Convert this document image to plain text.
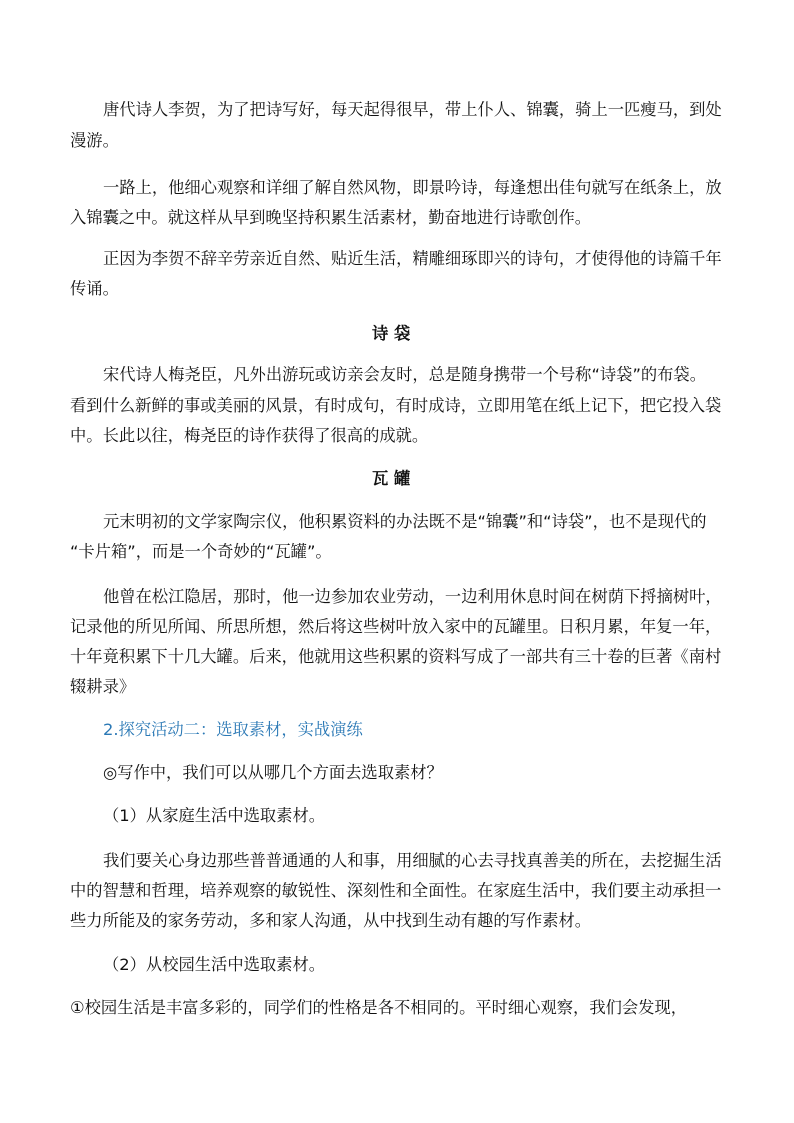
唐代诗人李贺，为了把诗写好，每天起得很早，带上仆人、锦囊，骑上一匹瘦马，到处
漫游。
一路上，他细心观察和详细了解自然风物，即景吟诗，每逢想出佳句就写在纸条上，放
入锦囊之中。就这样从早到晚坚持积累生活素材，勤奋地进行诗歌创作。
正因为李贺不辞辛劳亲近自然、贴近生活，精雕细琢即兴的诗句，才使得他的诗篇千年
传诵。
诗 袋
宋代诗人梅尧臣，凡外出游玩或访亲会友时，总是随身携带一个号称“诗袋”的布袋。
看到什么新鲜的事或美丽的风景，有时成句，有时成诗，立即用笔在纸上记下，把它投入袋
中。长此以往，梅尧臣的诗作获得了很高的成就。
瓦 罐
元末明初的文学家陶宗仪，他积累资料的办法既不是“锦囊”和“诗袋”，也不是现代的
“卡片箱”，而是一个奇妙的“瓦罐”。
他曾在松江隐居，那时，他一边参加农业劳动，一边利用休息时间在树荫下捋摘树叶，
记录他的所见所闻、所思所想，然后将这些树叶放入家中的瓦罐里。日积月累，年复一年，
十年竟积累下十几大罐。后来，他就用这些积累的资料写成了一部共有三十卷的巨著《南村
辍耕录》
2.探究活动二：选取素材，实战演练
◎写作中，我们可以从哪几个方面去选取素材？
（1）从家庭生活中选取素材。
我们要关心身边那些普普通通的人和事，用细腻的心去寻找真善美的所在，去挖掘生活
中的智慧和哲理，培养观察的敏锐性、深刻性和全面性。在家庭生活中，我们要主动承担一
些力所能及的家务劳动，多和家人沟通，从中找到生动有趣的写作素材。
（2）从校园生活中选取素材。
①校园生活是丰富多彩的，同学们的性格是各不相同的。平时细心观察，我们会发现，
